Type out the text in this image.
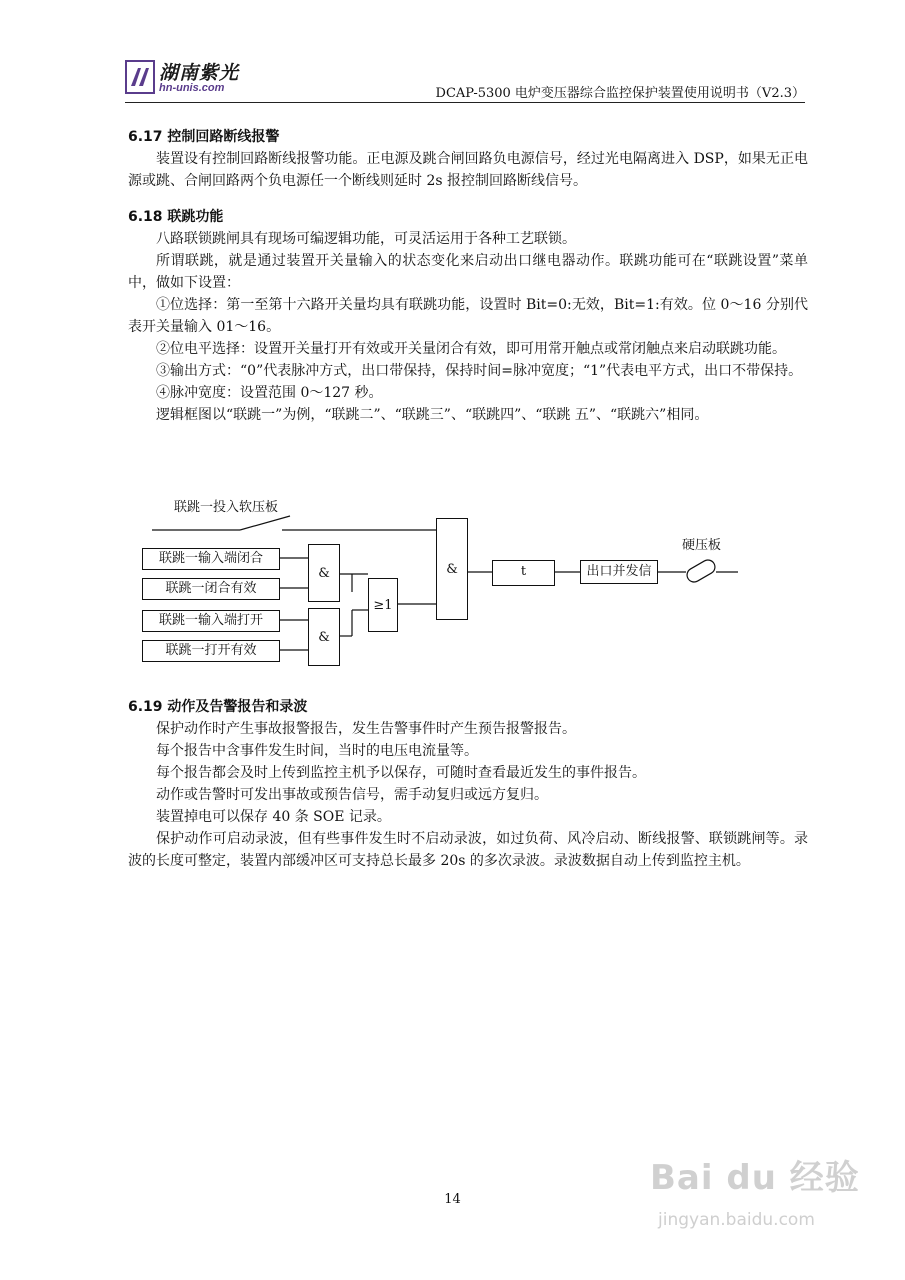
湖南紫光
hn-unis.com	DCAP-5300 电炉变压器综合监控保护装置使用说明书（V2.3）
6.17 控制回路断线报警

装置设有控制回路断线报警功能。正电源及跳合闸回路负电源信号，经过光电隔离进入 DSP，如果无正电源或跳、合闸回路两个负电源任一个断线则延时 2s 报控制回路断线信号。

6.18 联跳功能

八路联锁跳闸具有现场可编逻辑功能，可灵活运用于各种工艺联锁。

所谓联跳，就是通过装置开关量输入的状态变化来启动出口继电器动作。联跳功能可在“联跳设置”菜单中，做如下设置：

①位选择：第一至第十六路开关量均具有联跳功能，设置时 Bit=0:无效，Bit=1:有效。位 0～16 分别代表开关量输入 01～16。

②位电平选择：设置开关量打开有效或开关量闭合有效，即可用常开触点或常闭触点来启动联跳功能。

③输出方式：“0”代表脉冲方式，出口带保持，保持时间=脉冲宽度；“1”代表电平方式，出口不带保持。

④脉冲宽度：设置范围 0～127 秒。

逻辑框图以“联跳一”为例，“联跳二”、“联跳三”、“联跳四”、“联跳 五”、“联跳六”相同。

联跳一投入软压板
硬压板
联跳一输入端闭合
联跳一闭合有效
联跳一输入端打开
联跳一打开有效
&
&
≥1
&	t	出口并发信
6.19 动作及告警报告和录波

保护动作时产生事故报警报告，发生告警事件时产生预告报警报告。

每个报告中含事件发生时间，当时的电压电流量等。

每个报告都会及时上传到监控主机予以保存，可随时查看最近发生的事件报告。

动作或告警时可发出事故或预告信号，需手动复归或远方复归。

装置掉电可以保存 40 条 SOE 记录。

保护动作可启动录波，但有些事件发生时不启动录波，如过负荷、风冷启动、断线报警、联锁跳闸等。录波的长度可整定，装置内部缓冲区可支持总长最多 20s 的多次录波。录波数据自动上传到监控主机。

14
Bai du 经验
jingyan.baidu.com
